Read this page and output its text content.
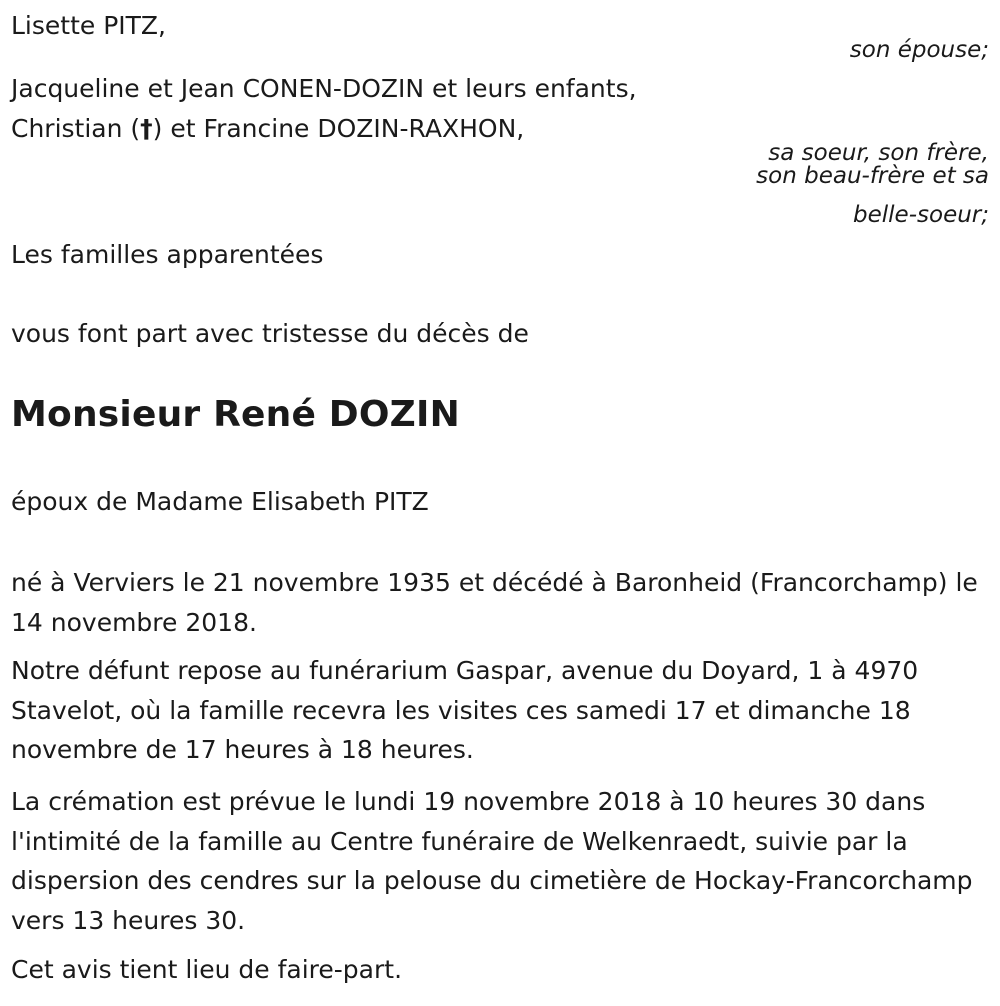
Lisette PITZ,

son épouse;

Jacqueline et Jean CONEN-DOZIN et leurs enfants,

Christian (†) et Francine DOZIN-RAXHON,

sa soeur, son frère,

son beau-frère et sa

belle-soeur;

Les familles apparentées

vous font part avec tristesse du décès de

Monsieur René DOZIN

époux de Madame Elisabeth PITZ

né à Verviers le 21 novembre 1935 et décédé à Baronheid (Francorchamp) le 14 novembre 2018.

Notre défunt repose au funérarium Gaspar, avenue du Doyard, 1 à 4970 Stavelot, où la famille recevra les visites ces samedi 17 et dimanche 18 novembre de 17 heures à 18 heures.

La crémation est prévue le lundi 19 novembre 2018 à 10 heures 30 dans l'intimité de la famille au Centre funéraire de Welkenraedt, suivie par la dispersion des cendres sur la pelouse du cimetière de Hockay-Francorchamp vers 13 heures 30.

Cet avis tient lieu de faire-part.
